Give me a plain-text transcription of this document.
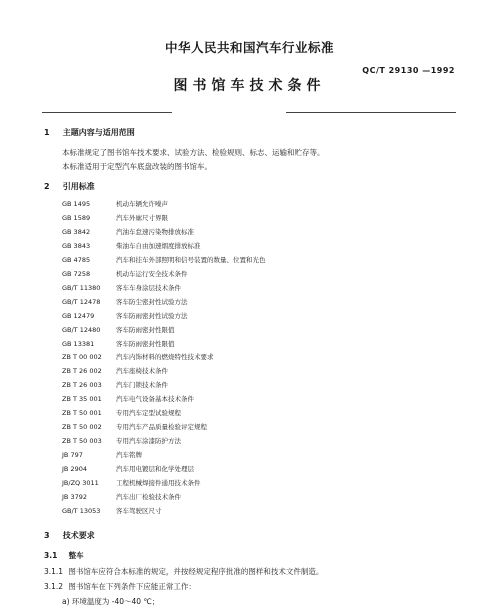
中华人民共和国汽车行业标准
QC/T 29130 —1992
图书馆车技术条件
1 主题内容与适用范围
本标准规定了图书馆车技术要求、试验方法、检验规则、标志、运输和贮存等。
本标准适用于定型汽车底盘改装的图书馆车。
2 引用标准
GB 1495	机动车辆允许噪声
GB 1589	汽车外廓尺寸界限
GB 3842	汽油车怠速污染物排放标准
GB 3843	柴油车自由加速烟度排放标准
GB 4785	汽车和挂车外部照明和信号装置的数量、位置和光色
GB 7258	机动车运行安全技术条件
GB/T 11380 客车车身涂层技术条件
GB/T 12478 客车防尘密封性试验方法
GB 12479	客车防雨密封性试验方法
GB/T 12480 客车防雨密封性限值
GB 13381	客车防雨密封性限值
ZB T 00 002 汽车内饰材料的燃烧特性技术要求
ZB T 26 002 汽车座椅技术条件
ZB T 26 003 汽车门锁技术条件
ZB T 35 001 汽车电气设备基本技术条件
ZB T 50 001 专用汽车定型试验规程
ZB T 50 002 专用汽车产品质量检验评定规程
ZB T 50 003 专用汽车涂漆防护方法
JB 797	汽车铭牌
JB 2904	汽车用电镀层和化学处理层
JB/ZQ 3011	工程机械焊接件通用技术条件
JB 3792	汽车出厂检验技术条件
GB/T 13053 客车驾驶区尺寸
3 技术要求
3.1 整车
3.1.1 图书馆车应符合本标准的规定，并按经规定程序批准的图样和技术文件制造。
3.1.2 图书馆车在下列条件下应能正常工作：
a) 环境温度为 -40～40 ℃；
